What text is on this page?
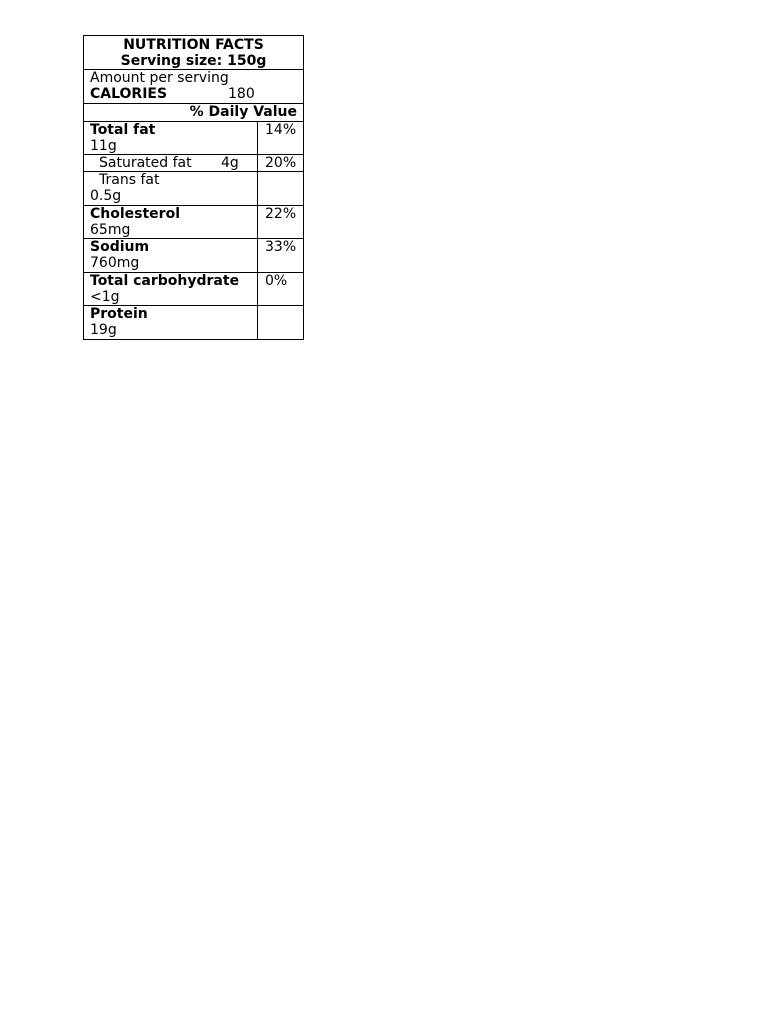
NUTRITION FACTS
Serving size: 150g
Amount per serving
CALORIES	180
% Daily Value
Total fat
11g
14%
Saturated fat 4g	20%
Trans fat
0.5g
Cholesterol
65mg
22%
Sodium
760mg
33%
Total carbohydrate
<1g
0%
Protein
19g
